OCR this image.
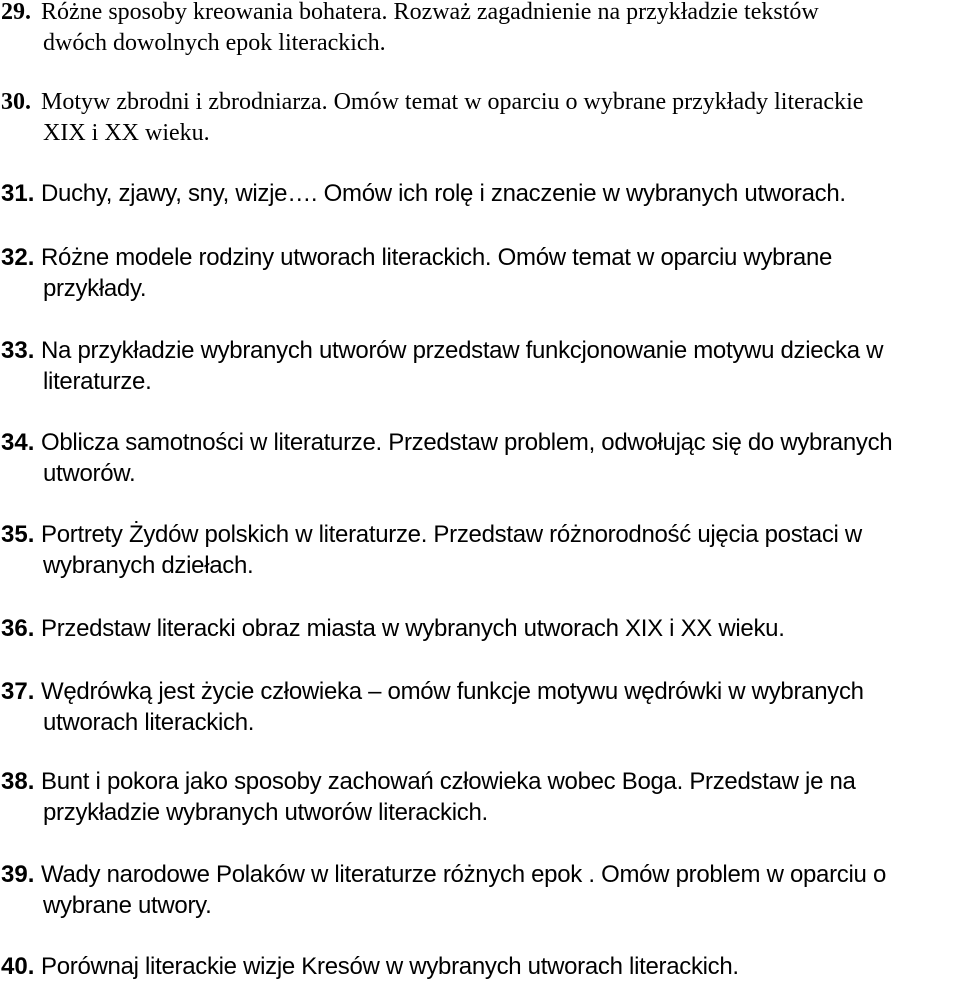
29. Różne sposoby kreowania bohatera. Rozważ zagadnienie na przykładzie tekstów
dwóch dowolnych epok literackich.
30. Motyw zbrodni i zbrodniarza. Omów temat w oparciu o wybrane przykłady literackie
XIX i XX wieku.
31. Duchy, zjawy, sny, wizje…. Omów ich rolę i znaczenie w wybranych utworach.
32. Różne modele rodziny utworach literackich. Omów temat w oparciu wybrane
przykłady.
33. Na przykładzie wybranych utworów przedstaw funkcjonowanie motywu dziecka w
literaturze.
34. Oblicza samotności w literaturze. Przedstaw problem, odwołując się do wybranych
utworów.
35. Portrety Żydów polskich w literaturze. Przedstaw różnorodność ujęcia postaci w
wybranych dziełach.
36. Przedstaw literacki obraz miasta w wybranych utworach XIX i XX wieku.
37. Wędrówką jest życie człowieka – omów funkcje motywu wędrówki w wybranych
utworach literackich.
38. Bunt i pokora jako sposoby zachowań człowieka wobec Boga. Przedstaw je na
przykładzie wybranych utworów literackich.
39. Wady narodowe Polaków w literaturze różnych epok . Omów problem w oparciu o
wybrane utwory.
40. Porównaj literackie wizje Kresów w wybranych utworach literackich.
